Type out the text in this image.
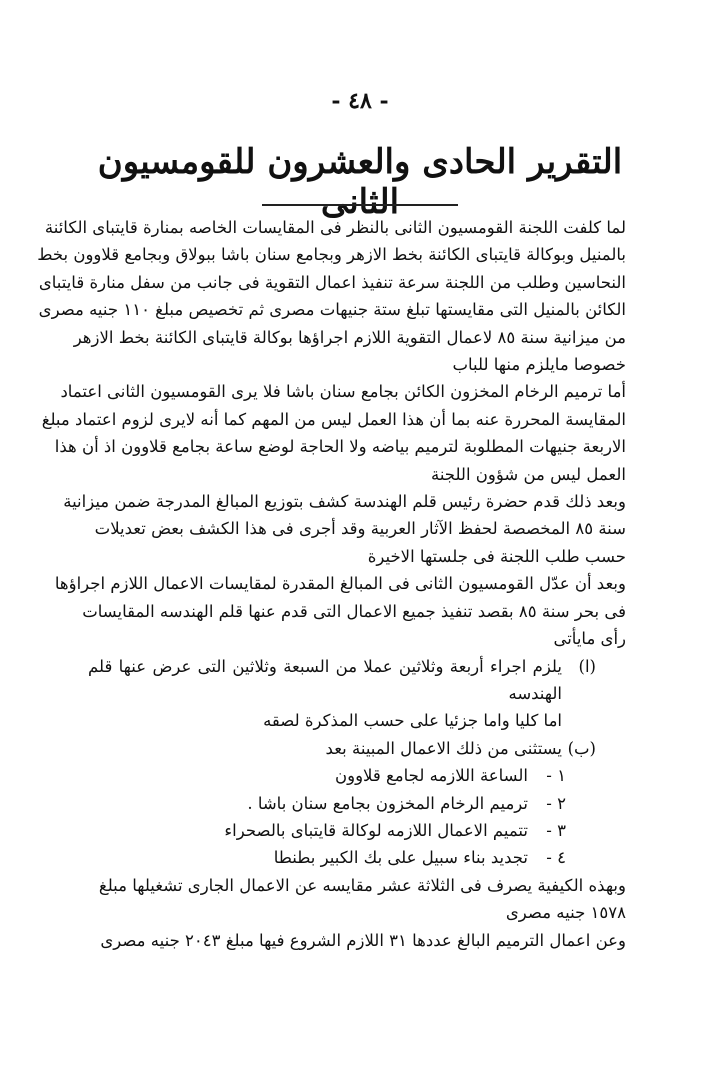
- ٤٨ -
التقرير الحادى والعشرون للقومسيون الثانى
لما كلفت اللجنة القومسيون الثانى بالنظر فى المقايسات الخاصه بمنارة قايتباى الكائنة
بالمنيل وبوكالة قايتباى الكائنة بخط الازهر وبجامع سنان باشا ببولاق وبجامع قلاوون بخط
النحاسين وطلب من اللجنة سرعة تنفيذ اعمال التقوية فى جانب من سفل منارة قايتباى
الكائن بالمنيل التى مقايستها تبلغ ستة جنيهات مصرى ثم تخصيص مبلغ ١١٠ جنيه مصرى
من ميزانية سنة ٨٥ لاعمال التقوية اللازم اجراؤها بوكالة قايتباى الكائنة بخط الازهر
خصوصا مايلزم منها للباب
أما ترميم الرخام المخزون الكائن بجامع سنان باشا فلا يرى القومسيون الثانى اعتماد
المقايسة المحررة عنه بما أن هذا العمل ليس من المهم كما أنه لايرى لزوم اعتماد مبلغ
الاربعة جنيهات المطلوبة لترميم بياضه ولا الحاجة لوضع ساعة بجامع قلاوون اذ أن هذا
العمل ليس من شؤون اللجنة
وبعد ذلك قدم حضرة رئيس قلم الهندسة كشف بتوزيع المبالغ المدرجة ضمن ميزانية
سنة ٨٥ المخصصة لحفظ الآثار العربية وقد أجرى فى هذا الكشف بعض تعديلات
حسب طلب اللجنة فى جلستها الاخيرة
وبعد أن عدّل القومسيون الثانى فى المبالغ المقدرة لمقايسات الاعمال اللازم اجراؤها
فى بحر سنة ٨٥ بقصد تنفيذ جميع الاعمال التى قدم عنها قلم الهندسه المقايسات
رأى مايأتى
(ا)
يلزم اجراء أربعة وثلاثين عملا من السبعة وثلاثين التى عرض عنها قلم الهندسه
اما كليا واما جزئيا على حسب المذكرة لصقه
(ب)
يستثنى من ذلك الاعمال المبينة بعد
١ -
الساعة اللازمه لجامع قلاوون
٢ -
ترميم الرخام المخزون بجامع سنان باشا .
٣ -
تتميم الاعمال اللازمه لوكالة قايتباى بالصحراء
٤ -
تجديد بناء سبيل على بك الكبير بطنطا
وبهذه الكيفية يصرف فى الثلاثة عشر مقايسه عن الاعمال الجارى تشغيلها مبلغ
١٥٧٨ جنيه مصرى
وعن اعمال الترميم البالغ عددها ٣١ اللازم الشروع فيها مبلغ ٢٠٤٣ جنيه مصرى
